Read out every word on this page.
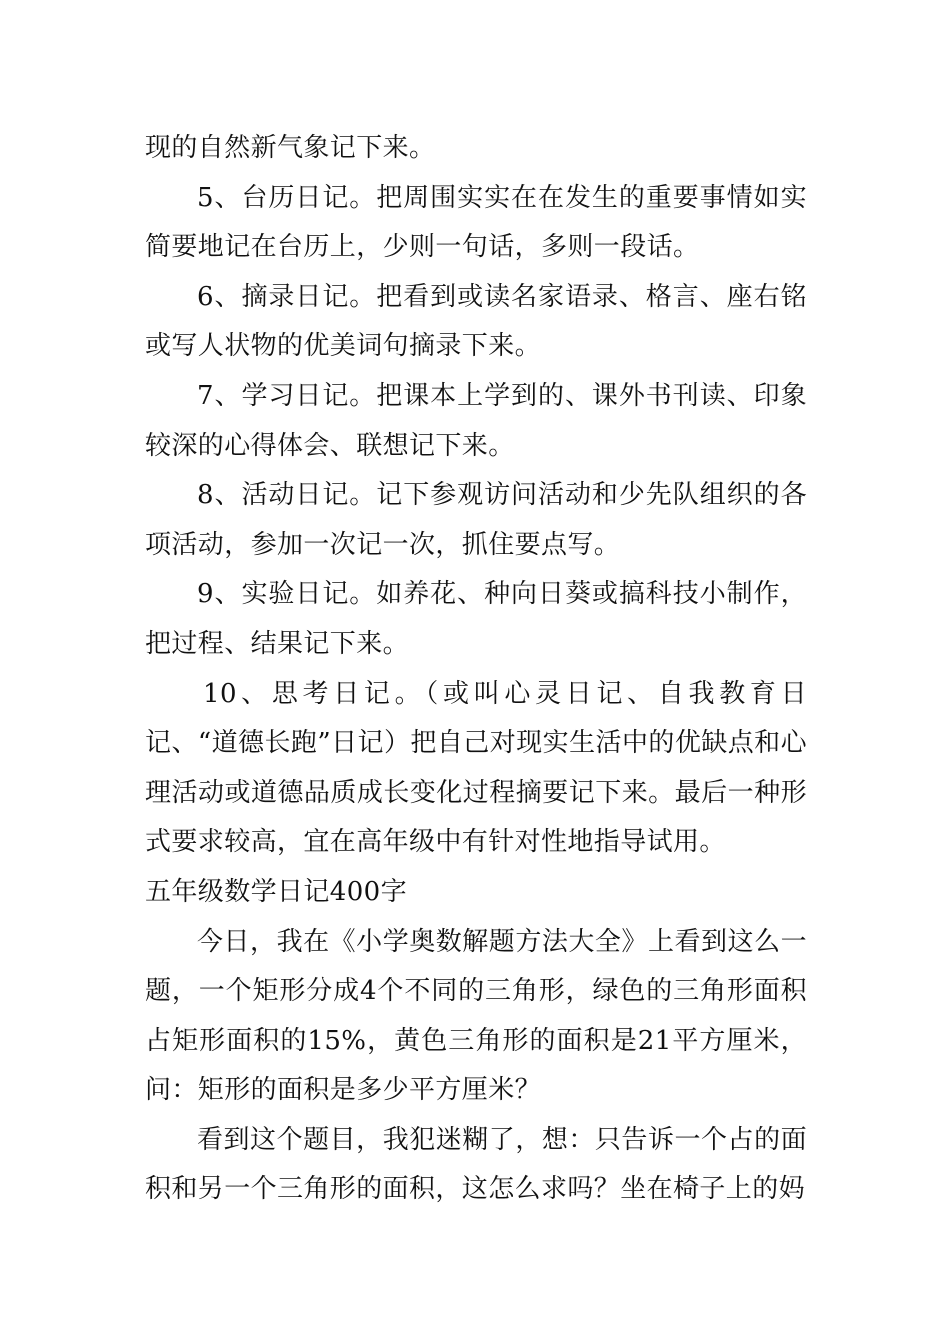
现的自然新气象记下来。

5、台历日记。把周围实实在在发生的重要事情如实简要地记在台历上，少则一句话，多则一段话。

6、摘录日记。把看到或读名家语录、格言、座右铭或写人状物的优美词句摘录下来。

7、学习日记。把课本上学到的、课外书刊读、印象较深的心得体会、联想记下来。

8、活动日记。记下参观访问活动和少先队组织的各项活动，参加一次记一次，抓住要点写。

9、实验日记。如养花、种向日葵或搞科技小制作，把过程、结果记下来。

10、思考日记。（或叫心灵日记、自我教育日记、“道德长跑”日记）把自己对现实生活中的优缺点和心理活动或道德品质成长变化过程摘要记下来。最后一种形式要求较高，宜在高年级中有针对性地指导试用。

五年级数学日记400字

今日，我在《小学奥数解题方法大全》上看到这么一题，一个矩形分成4个不同的三角形，绿色的三角形面积占矩形面积的15%，黄色三角形的面积是21平方厘米，问：矩形的面积是多少平方厘米？

看到这个题目，我犯迷糊了，想：只告诉一个占的面积和另一个三角形的面积，这怎么求吗？坐在椅子上的妈
